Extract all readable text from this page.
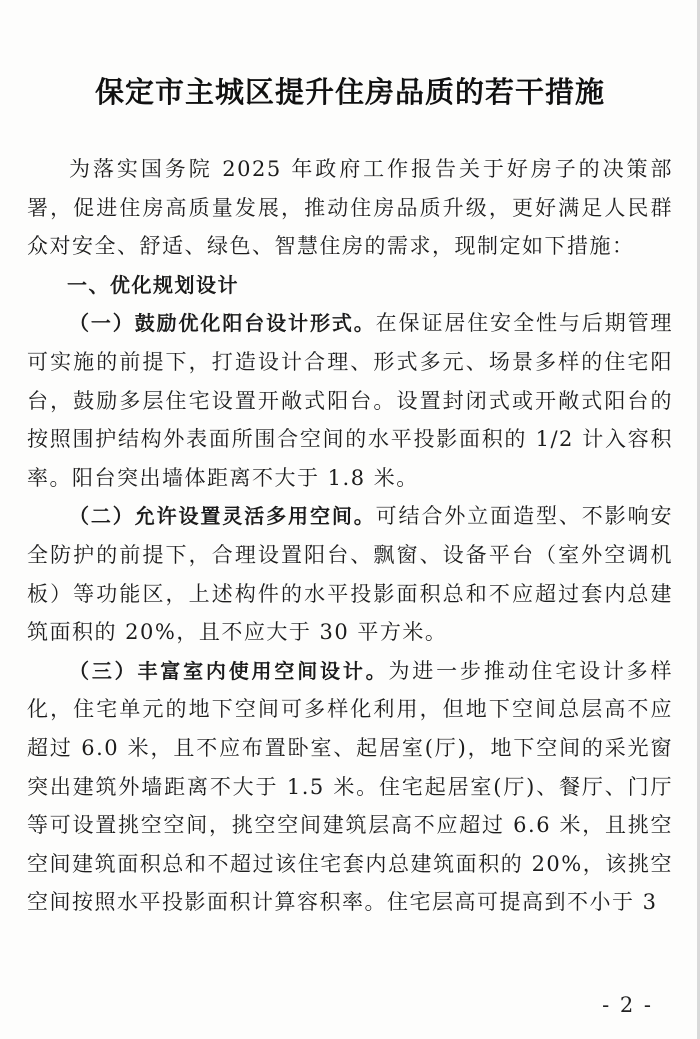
保定市主城区提升住房品质的若干措施

为落实国务院 2025 年政府工作报告关于好房子的决策部署，促进住房高质量发展，推动住房品质升级，更好满足人民群众对安全、舒适、绿色、智慧住房的需求，现制定如下措施：

一、优化规划设计

（一）鼓励优化阳台设计形式。在保证居住安全性与后期管理可实施的前提下，打造设计合理、形式多元、场景多样的住宅阳台，鼓励多层住宅设置开敞式阳台。设置封闭式或开敞式阳台的按照围护结构外表面所围合空间的水平投影面积的 1/2 计入容积率。阳台突出墙体距离不大于 1.8 米。

（二）允许设置灵活多用空间。可结合外立面造型、不影响安全防护的前提下，合理设置阳台、飘窗、设备平台（室外空调机板）等功能区，上述构件的水平投影面积总和不应超过套内总建筑面积的 20%，且不应大于 30 平方米。

（三）丰富室内使用空间设计。为进一步推动住宅设计多样化，住宅单元的地下空间可多样化利用，但地下空间总层高不应超过 6.0 米，且不应布置卧室、起居室(厅)，地下空间的采光窗突出建筑外墙距离不大于 1.5 米。住宅起居室(厅)、餐厅、门厅等可设置挑空空间，挑空空间建筑层高不应超过 6.6 米，且挑空空间建筑面积总和不超过该住宅套内总建筑面积的 20%，该挑空空间按照水平投影面积计算容积率。住宅层高可提高到不小于 3

- 2 -
